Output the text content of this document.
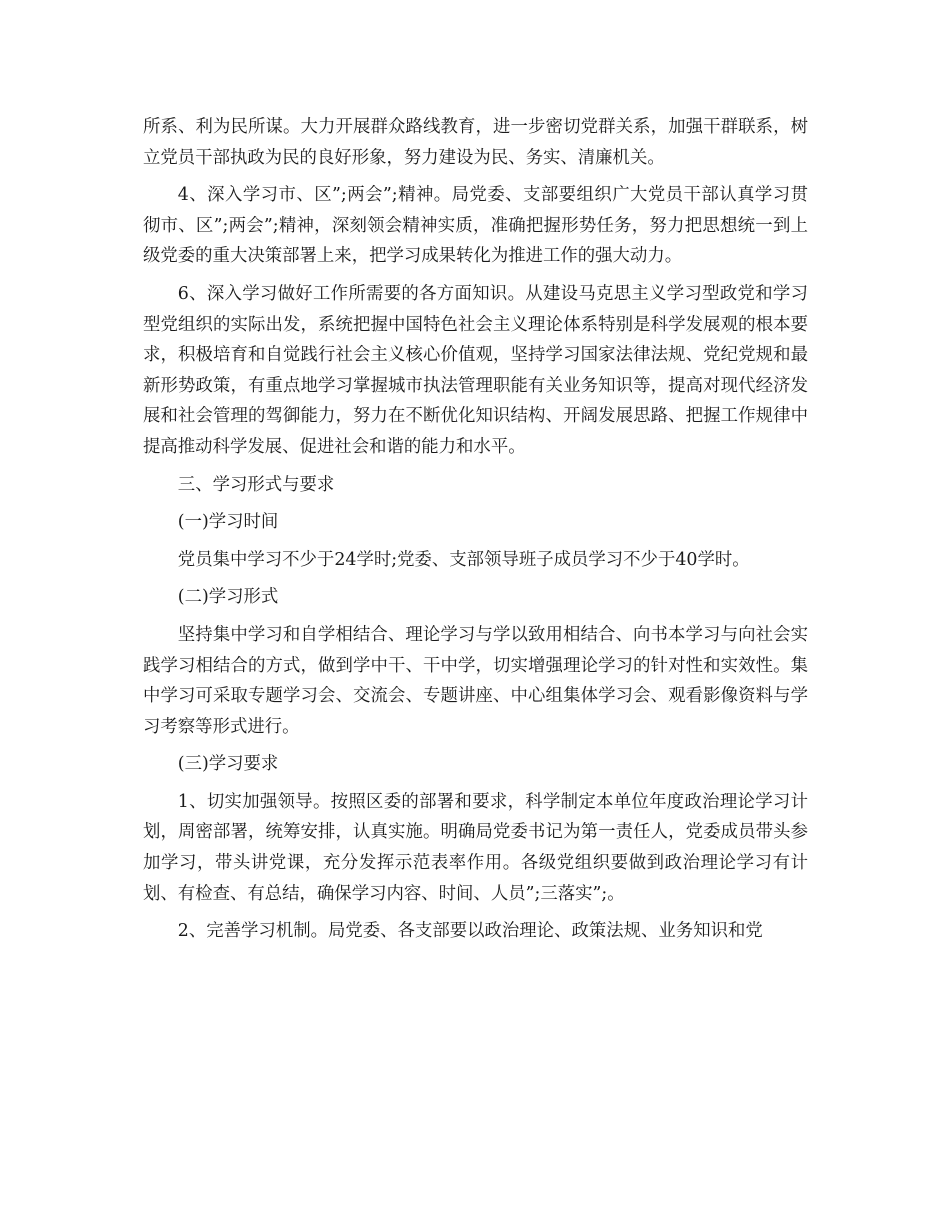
所系、利为民所谋。大力开展群众路线教育，进一步密切党群关系，加强干群联系，树立党员干部执政为民的良好形象，努力建设为民、务实、清廉机关。

4、深入学习市、区”;两会”;精神。局党委、支部要组织广大党员干部认真学习贯彻市、区”;两会”;精神，深刻领会精神实质，准确把握形势任务，努力把思想统一到上级党委的重大决策部署上来，把学习成果转化为推进工作的强大动力。

6、深入学习做好工作所需要的各方面知识。从建设马克思主义学习型政党和学习型党组织的实际出发，系统把握中国特色社会主义理论体系特别是科学发展观的根本要求，积极培育和自觉践行社会主义核心价值观，坚持学习国家法律法规、党纪党规和最新形势政策，有重点地学习掌握城市执法管理职能有关业务知识等，提高对现代经济发展和社会管理的驾御能力，努力在不断优化知识结构、开阔发展思路、把握工作规律中提高推动科学发展、促进社会和谐的能力和水平。

三、学习形式与要求

(一)学习时间

党员集中学习不少于24学时;党委、支部领导班子成员学习不少于40学时。

(二)学习形式

坚持集中学习和自学相结合、理论学习与学以致用相结合、向书本学习与向社会实践学习相结合的方式，做到学中干、干中学，切实增强理论学习的针对性和实效性。集中学习可采取专题学习会、交流会、专题讲座、中心组集体学习会、观看影像资料与学习考察等形式进行。

(三)学习要求

1、切实加强领导。按照区委的部署和要求，科学制定本单位年度政治理论学习计划，周密部署，统筹安排，认真实施。明确局党委书记为第一责任人，党委成员带头参加学习，带头讲党课，充分发挥示范表率作用。各级党组织要做到政治理论学习有计划、有检查、有总结，确保学习内容、时间、人员”;三落实”;。

2、完善学习机制。局党委、各支部要以政治理论、政策法规、业务知识和党
